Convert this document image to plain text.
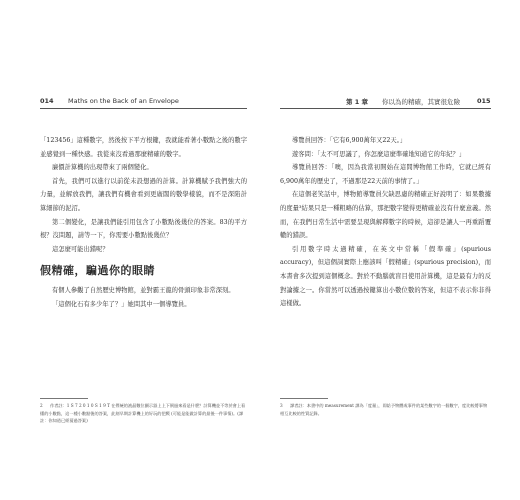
014 Maths on the Back of an Envelope

「123456」這種數字，然後按下平方根鍵，我就能看著小數點之後的數字並感覺到一種快感。我從來沒看過那麼精確的數字。

廉價計算機的出現帶來了兩個變化。

首先，我們可以進行以前從未設想過的計算。計算機賦予我們強大的力量，並解放我們，讓我們有機會看到更廣闊的數學樣貌，而不是深陷計算細節的泥沼。

第二個變化，是讓我們能引用包含了小數點後幾位的答案。83的平方根？沒問題，請等一下，你需要小數點後幾位？

這怎麼可能出錯呢？

假精確，騙過你的眼睛

有個人參觀了自然歷史博物館，並對霸王龍的骨頭印象非常深刻。

「這個化石有多少年了？」她問其中一個導覽員。

2 作者註：1 S 7 2 0 1 0 S 1 9 T 在傳統的液晶數位顯示器上上下倒過來看是什麼？計算機並不等於會上看懂的小數點，這一種小數點後的答案，此刻早期計算機上的好玩的把戲 (可能是能做計算的最後一件事情)。(譯註：你知道已經猜過答案)
第 1 章 你以為的精確，其實很危險	015

導覽員回答：「它有6,900萬年又22天。」

遊客問：「太不可思議了，你怎麼這麼準確地知道它的年紀？」

導覽員回答：「噢，因為我當初開始在這間博物館工作時，它就已經有6,900萬年的歷史了，不過那是22天前的事情了。」

在這個老笑話中，博物館導覽員欠缺思慮的精確正好說明了：如果數據的度量³結果只是一種粗略的估算，那把數字變得更精確並沒有什麼意義。然而，在我們日常生活中需要呈現與解釋數字的時候，這卻是讓人一再重蹈覆轍的錯誤。

引用數字時太過精確，在英文中常稱「假準確」(spurious accuracy)，但這個詞實際上應該叫「假精確」(spurious precision)，而本書會多次提到這個概念。對於不動腦就盲目使用計算機，這是最有力的反對論據之一。你當然可以透過按鍵算出小數位數的答案，但這不表示你非得這樣做。

3 譯者註：本書中的 measurement 譯為「度量」，即給予物體或事件的某些數字的一個數字，度比較將事物相互比較的性質記錄。
